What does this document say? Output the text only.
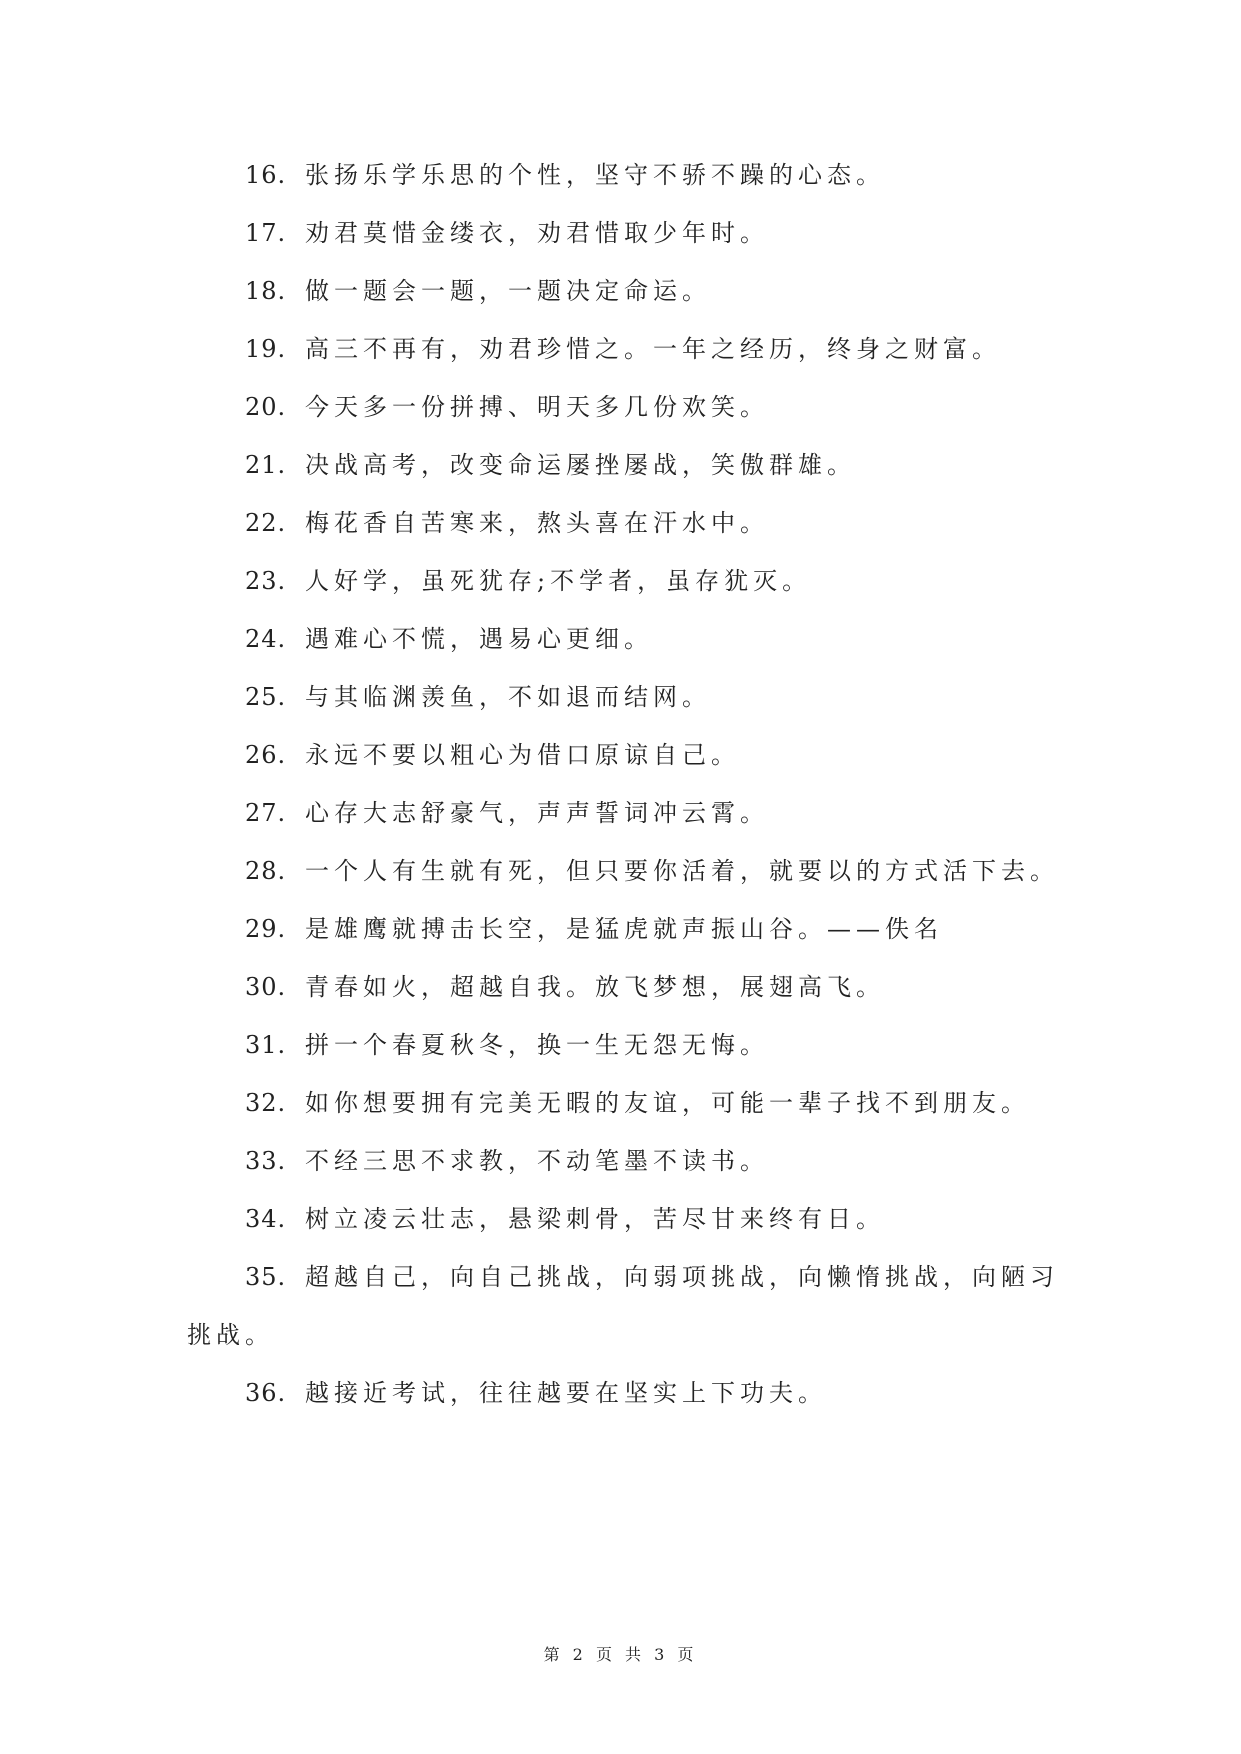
16. 张扬乐学乐思的个性，坚守不骄不躁的心态。
17. 劝君莫惜金缕衣，劝君惜取少年时。
18. 做一题会一题，一题决定命运。
19. 高三不再有，劝君珍惜之。一年之经历，终身之财富。
20. 今天多一份拼搏、明天多几份欢笑。
21. 决战高考，改变命运屡挫屡战，笑傲群雄。
22. 梅花香自苦寒来，熬头喜在汗水中。
23. 人好学，虽死犹存;不学者，虽存犹灭。
24. 遇难心不慌，遇易心更细。
25. 与其临渊羡鱼，不如退而结网。
26. 永远不要以粗心为借口原谅自己。
27. 心存大志舒豪气，声声誓词冲云霄。
28. 一个人有生就有死，但只要你活着，就要以的方式活下去。
29. 是雄鹰就搏击长空，是猛虎就声振山谷。——佚名
30. 青春如火，超越自我。放飞梦想，展翅高飞。
31. 拼一个春夏秋冬，换一生无怨无悔。
32. 如你想要拥有完美无暇的友谊，可能一辈子找不到朋友。
33. 不经三思不求教，不动笔墨不读书。
34. 树立凌云壮志，悬梁刺骨，苦尽甘来终有日。
35. 超越自己，向自己挑战，向弱项挑战，向懒惰挑战，向陋习
挑战。
36. 越接近考试，往往越要在坚实上下功夫。
第 2 页 共 3 页
